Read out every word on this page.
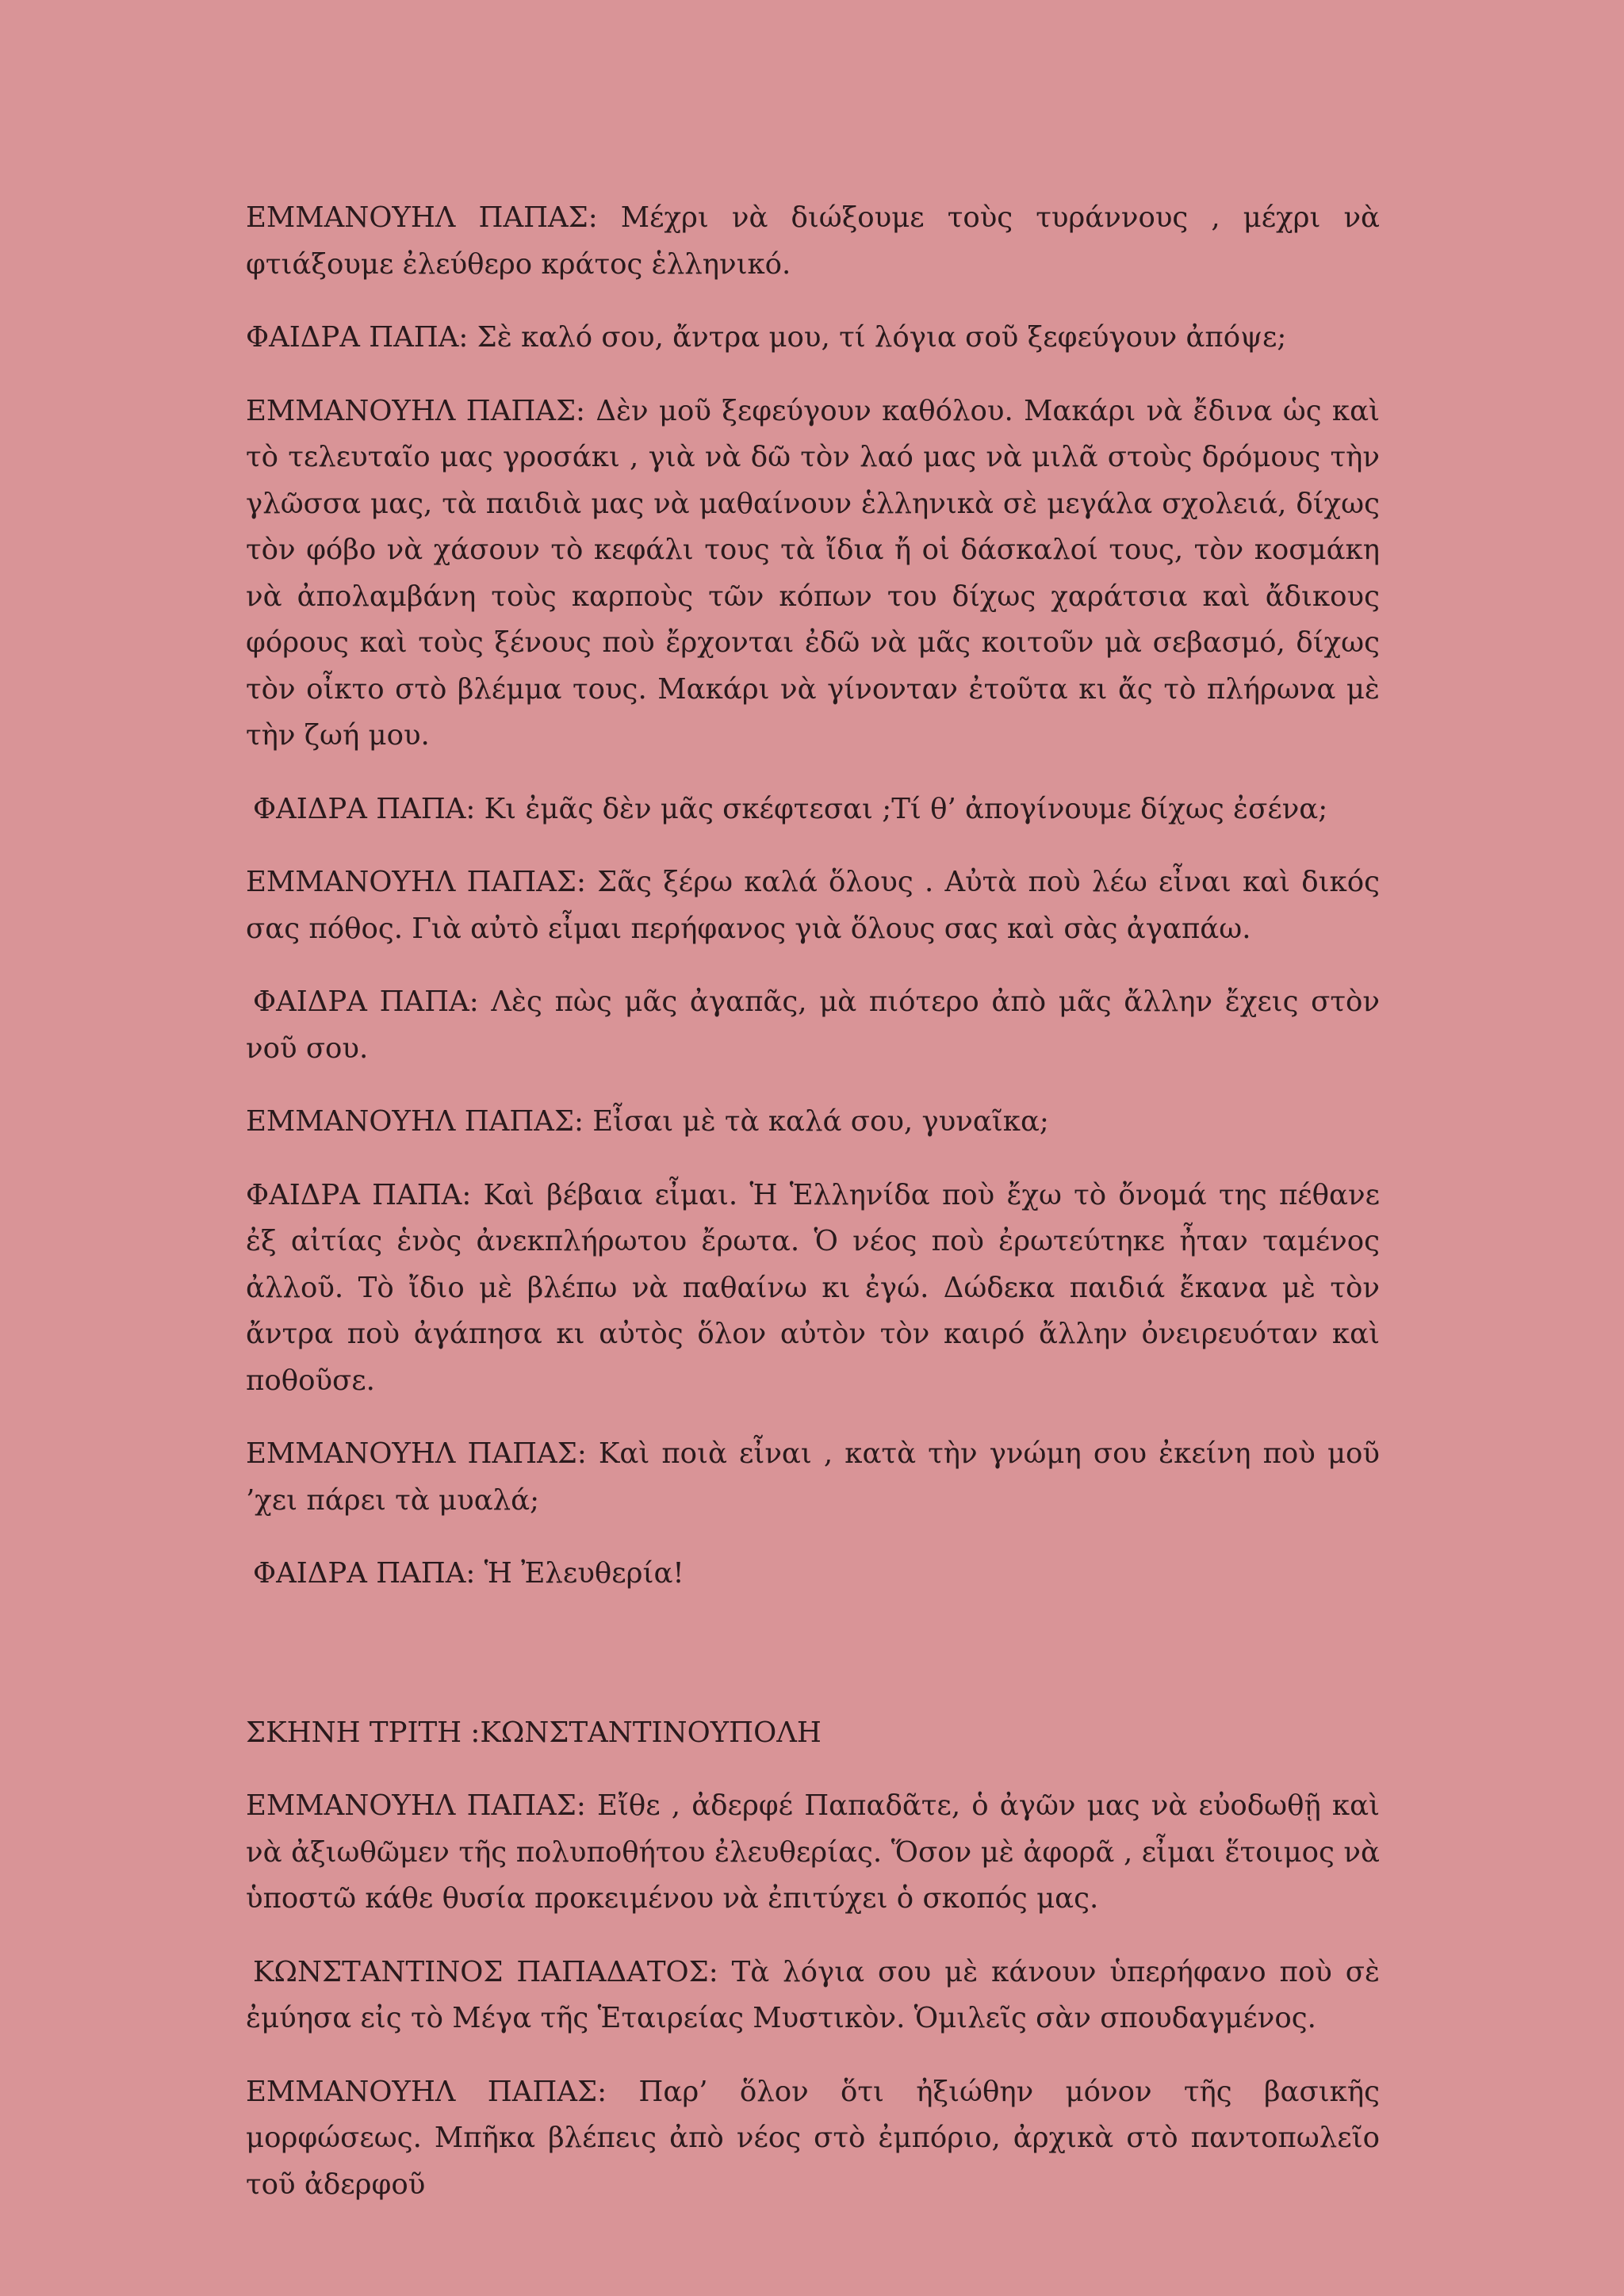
ΕΜΜΑΝΟΥΗΛ ΠΑΠΑΣ: Μέχρι νὰ διώξουμε τοὺς τυράννους , μέχρι νὰ φτιάξουμε ἐλεύθερο κράτος ἑλληνικό.

ΦΑΙΔΡΑ ΠΑΠΑ: Σὲ καλό σου, ἄντρα μου, τί λόγια σοῦ ξεφεύγουν ἀπόψε;

ΕΜΜΑΝΟΥΗΛ ΠΑΠΑΣ: Δὲν μοῦ ξεφεύγουν καθόλου. Μακάρι νὰ ἔδινα ὡς καὶ τὸ τελευταῖο μας γροσάκι , γιὰ νὰ δῶ τὸν λαό μας νὰ μιλᾶ στοὺς δρόμους τὴν γλῶσσα μας, τὰ παιδιὰ μας νὰ μαθαίνουν ἑλληνικὰ σὲ μεγάλα σχολειά, δίχως τὸν φόβο νὰ χάσουν τὸ κεφάλι τους τὰ ἴδια ἤ οἱ δάσκαλοί τους, τὸν κοσμάκη νὰ ἀπολαμβάνη τοὺς καρποὺς τῶν κόπων του δίχως χαράτσια καὶ ἄδικους φόρους καὶ τοὺς ξένους ποὺ ἔρχονται ἐδῶ νὰ μᾶς κοιτοῦν μὰ σεβασμό, δίχως τὸν οἶκτο στὸ βλέμμα τους. Μακάρι νὰ γίνονταν ἐτοῦτα κι ἄς τὸ πλήρωνα μὲ τὴν ζωή μου.

ΦΑΙΔΡΑ ΠΑΠΑ: Κι ἐμᾶς δὲν μᾶς σκέφτεσαι ;Τί θ’ ἀπογίνουμε δίχως ἐσένα;

ΕΜΜΑΝΟΥΗΛ ΠΑΠΑΣ: Σᾶς ξέρω καλά ὅλους . Αὐτὰ ποὺ λέω εἶναι καὶ δικός σας πόθος. Γιὰ αὐτὸ εἶμαι περήφανος γιὰ ὅλους σας καὶ σὰς ἀγαπάω.

ΦΑΙΔΡΑ ΠΑΠΑ: Λὲς πὼς μᾶς ἀγαπᾶς, μὰ πιότερο ἀπὸ μᾶς ἄλλην ἔχεις στὸν νοῦ σου.

ΕΜΜΑΝΟΥΗΛ ΠΑΠΑΣ: Εἶσαι μὲ τὰ καλά σου, γυναῖκα;

ΦΑΙΔΡΑ ΠΑΠΑ: Καὶ βέβαια εἶμαι. Ἡ Ἑλληνίδα ποὺ ἔχω τὸ ὄνομά της πέθανε ἐξ αἰτίας ἑνὸς ἀνεκπλήρωτου ἔρωτα. Ὁ νέος ποὺ ἐρωτεύτηκε ἦταν ταμένος ἀλλοῦ. Τὸ ἴδιο μὲ βλέπω νὰ παθαίνω κι ἐγώ. Δώδεκα παιδιά ἔκανα μὲ τὸν ἄντρα ποὺ ἀγάπησα κι αὐτὸς ὅλον αὐτὸν τὸν καιρό ἄλλην ὀνειρευόταν καὶ ποθοῦσε.

ΕΜΜΑΝΟΥΗΛ ΠΑΠΑΣ: Καὶ ποιὰ εἶναι , κατὰ τὴν γνώμη σου ἐκείνη ποὺ μοῦ ’χει πάρει τὰ μυαλά;

ΦΑΙΔΡΑ ΠΑΠΑ: Ἡ Ἐλευθερία!

ΣΚΗΝΗ ΤΡΙΤΗ :ΚΩΝΣΤΑΝΤΙΝΟΥΠΟΛΗ

ΕΜΜΑΝΟΥΗΛ ΠΑΠΑΣ: Εἴθε , ἀδερφέ Παπαδᾶτε, ὁ ἀγῶν μας νὰ εὐοδωθῇ καὶ νὰ ἀξιωθῶμεν τῆς πολυποθήτου ἐλευθερίας. Ὅσον μὲ ἀφορᾶ , εἶμαι ἕτοιμος νὰ ὑποστῶ κάθε θυσία προκειμένου νὰ ἐπιτύχει ὁ σκοπός μας.

ΚΩΝΣΤΑΝΤΙΝΟΣ ΠΑΠΑΔΑΤΟΣ: Τὰ λόγια σου μὲ κάνουν ὑπερήφανο ποὺ σὲ ἐμύησα εἰς τὸ Μέγα τῆς Ἑταιρείας Μυστικὸν. Ὁμιλεῖς σὰν σπουδαγμένος.

ΕΜΜΑΝΟΥΗΛ ΠΑΠΑΣ: Παρ’ ὅλον ὅτι ἠξιώθην μόνον τῆς βασικῆς μορφώσεως. Μπῆκα βλέπεις ἀπὸ νέος στὸ ἐμπόριο, ἀρχικὰ στὸ παντοπωλεῖο τοῦ ἀδερφοῦ
